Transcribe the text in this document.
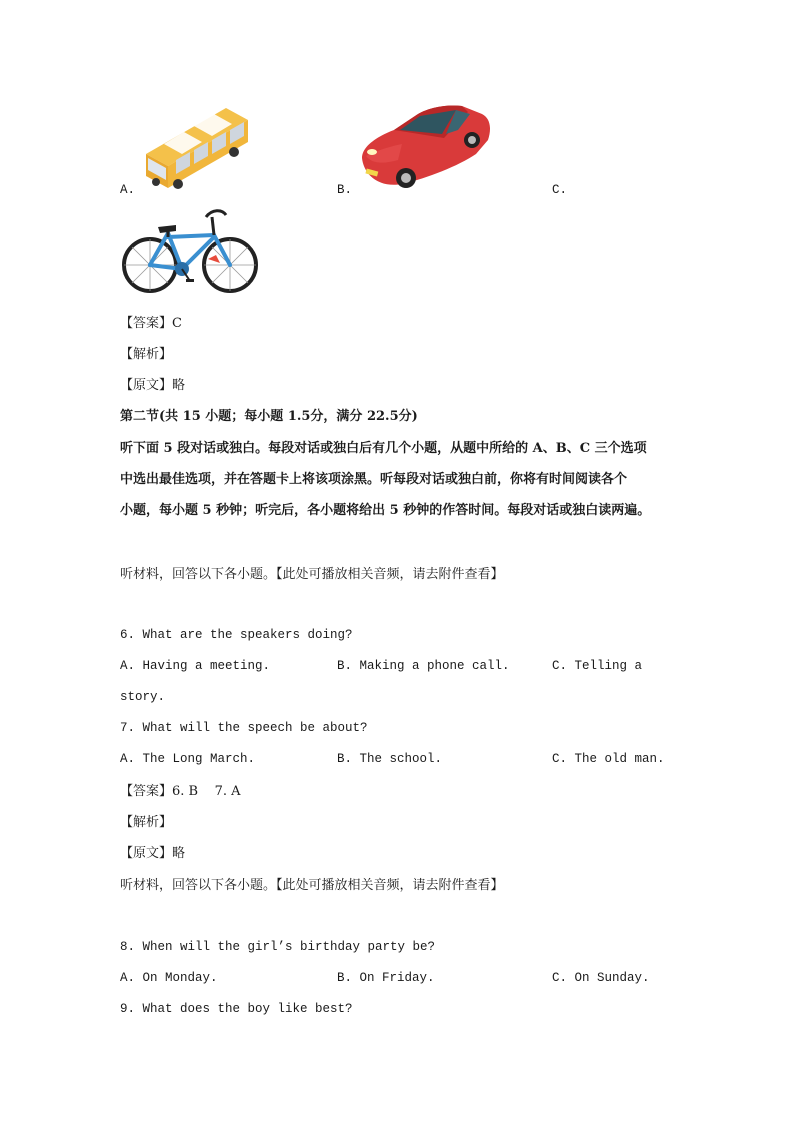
A.	B.	C.
【答案】C
【解析】
【原文】略
第二节(共 15 小题；每小题 1.5分，满分 22.5分)
听下面 5 段对话或独白。每段对话或独白后有几个小题，从题中所给的 A、B、C 三个选项
中选出最佳选项，并在答题卡上将该项涂黑。听每段对话或独白前，你将有时间阅读各个
小题，每小题 5 秒钟；听完后，各小题将给出 5 秒钟的作答时间。每段对话或独白读两遍。
听材料，回答以下各小题。【此处可播放相关音频，请去附件查看】
6. What are the speakers doing?
A. Having a meeting.	B. Making a phone call.	C. Telling a
story.
7. What will the speech be about?
A. The Long March.	B. The school.	C. The old man.
【答案】6. B    7. A
【解析】
【原文】略
听材料，回答以下各小题。【此处可播放相关音频，请去附件查看】
8. When will the girl’s birthday party be?
A. On Monday.	B. On Friday.	C. On Sunday.
9. What does the boy like best?
